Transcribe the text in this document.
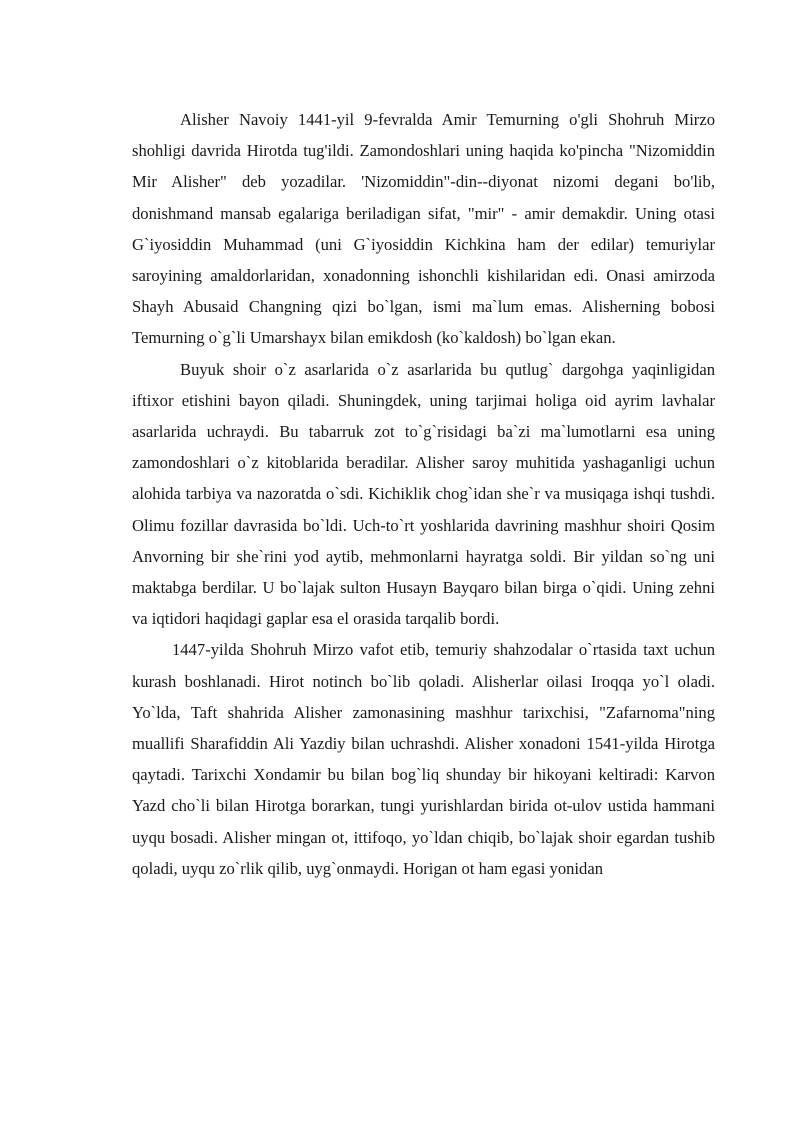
Alisher Navoiy 1441-yil 9-fevralda Amir Temurning o'gli Shohruh Mirzo shohligi davrida Hirotda tug'ildi. Zamondoshlari uning haqida ko'pincha "Nizomiddin Mir Alisher" deb yozadilar. 'Nizomiddin"-din--diyonat nizomi degani bo'lib, donishmand mansab egalariga beriladigan sifat, "mir" - amir demakdir. Uning otasi G`iyosiddin Muhammad (uni G`iyosiddin Kichkina ham der edilar) temuriylar saroyining amaldorlaridan, xonadonning ishonchli kishilaridan edi. Onasi amirzoda Shayh Abusaid Changning qizi bo`lgan, ismi ma`lum emas. Alisherning bobosi Temurning o`g`li Umarshayx bilan emikdosh (ko`kaldosh) bo`lgan ekan.

Buyuk shoir o`z asarlarida o`z asarlarida bu qutlug` dargohga yaqinligidan iftixor etishini bayon qiladi. Shuningdek, uning tarjimai holiga oid ayrim lavhalar asarlarida uchraydi. Bu tabarruk zot to`g`risidagi ba`zi ma`lumotlarni esa uning zamondoshlari o`z kitoblarida beradilar. Alisher saroy muhitida yashaganligi uchun alohida tarbiya va nazoratda o`sdi. Kichiklik chog`idan she`r va musiqaga ishqi tushdi. Olimu fozillar davrasida bo`ldi. Uch-to`rt yoshlarida davrining mashhur shoiri Qosim Anvorning bir she`rini yod aytib, mehmonlarni hayratga soldi. Bir yildan so`ng uni maktabga berdilar. U bo`lajak sulton Husayn Bayqaro bilan birga o`qidi. Uning zehni va iqtidori haqidagi gaplar esa el orasida tarqalib bordi.

1447-yilda Shohruh Mirzo vafot etib, temuriy shahzodalar o`rtasida taxt uchun kurash boshlanadi. Hirot notinch bo`lib qoladi. Alisherlar oilasi Iroqqa yo`l oladi. Yo`lda, Taft shahrida Alisher zamonasining mashhur tarixchisi, "Zafarnoma"ning muallifi Sharafiddin Ali Yazdiy bilan uchrashdi. Alisher xonadoni 1541-yilda Hirotga qaytadi. Tarixchi Xondamir bu bilan bog`liq shunday bir hikoyani keltiradi: Karvon Yazd cho`li bilan Hirotga borarkan, tungi yurishlardan birida ot-ulov ustida hammani uyqu bosadi. Alisher mingan ot, ittifoqo, yo`ldan chiqib, bo`lajak shoir egardan tushib qoladi, uyqu zo`rlik qilib, uyg`onmaydi. Horigan ot ham egasi yonidan
